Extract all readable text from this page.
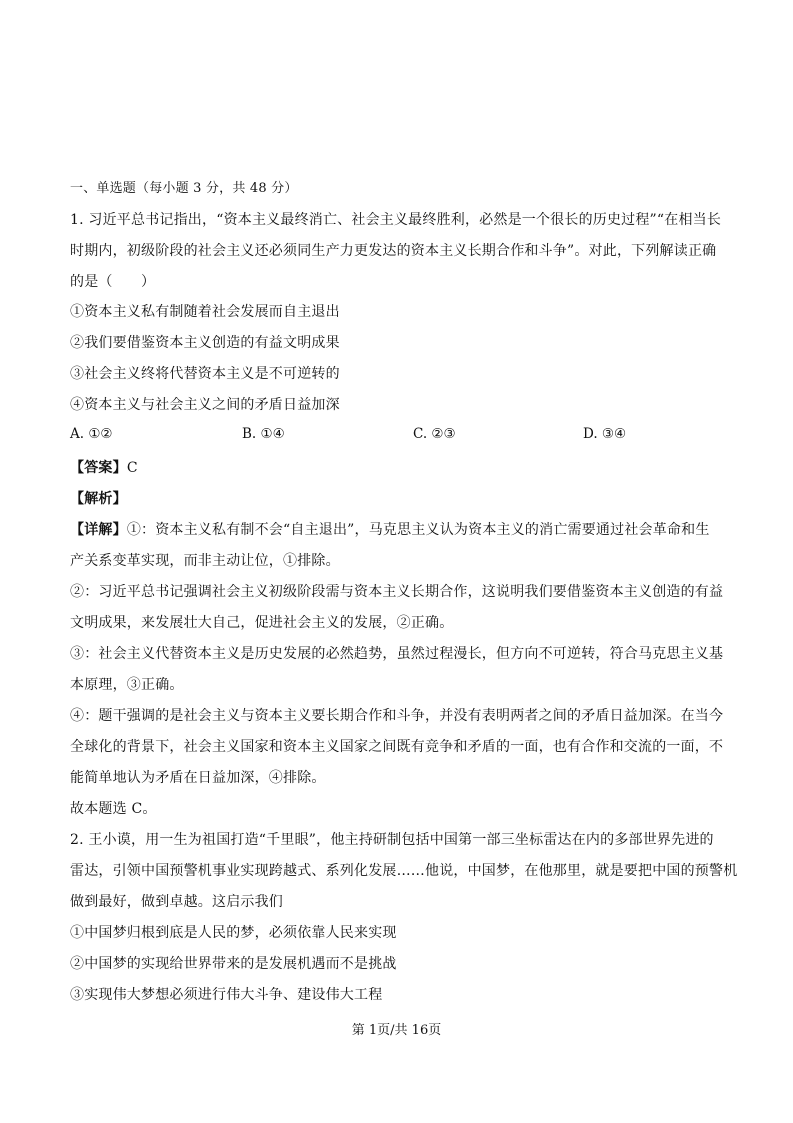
一、单选题（每小题 3 分，共 48 分）
1. 习近平总书记指出，“资本主义最终消亡、社会主义最终胜利，必然是一个很长的历史过程”“在相当长
时期内，初级阶段的社会主义还必须同生产力更发达的资本主义长期合作和斗争”。对此，下列解读正确
的是（　　）
①资本主义私有制随着社会发展而自主退出
②我们要借鉴资本主义创造的有益文明成果
③社会主义终将代替资本主义是不可逆转的
④资本主义与社会主义之间的矛盾日益加深
A. ①②	B. ①④	C. ②③	D. ③④
【答案】C
【解析】
【详解】①：资本主义私有制不会“自主退出”，马克思主义认为资本主义的消亡需要通过社会革命和生
产关系变革实现，而非主动让位，①排除。
②：习近平总书记强调社会主义初级阶段需与资本主义长期合作，这说明我们要借鉴资本主义创造的有益
文明成果，来发展壮大自己，促进社会主义的发展，②正确。
③：社会主义代替资本主义是历史发展的必然趋势，虽然过程漫长，但方向不可逆转，符合马克思主义基
本原理，③正确。
④：题干强调的是社会主义与资本主义要长期合作和斗争，并没有表明两者之间的矛盾日益加深。在当今
全球化的背景下，社会主义国家和资本主义国家之间既有竞争和矛盾的一面，也有合作和交流的一面，不
能简单地认为矛盾在日益加深，④排除。
故本题选 C。
2. 王小谟，用一生为祖国打造“千里眼”，他主持研制包括中国第一部三坐标雷达在内的多部世界先进的
雷达，引领中国预警机事业实现跨越式、系列化发展……他说，中国梦，在他那里，就是要把中国的预警机
做到最好，做到卓越。这启示我们
①中国梦归根到底是人民的梦，必须依靠人民来实现
②中国梦的实现给世界带来的是发展机遇而不是挑战
③实现伟大梦想必须进行伟大斗争、建设伟大工程
第 1页/共 16页
